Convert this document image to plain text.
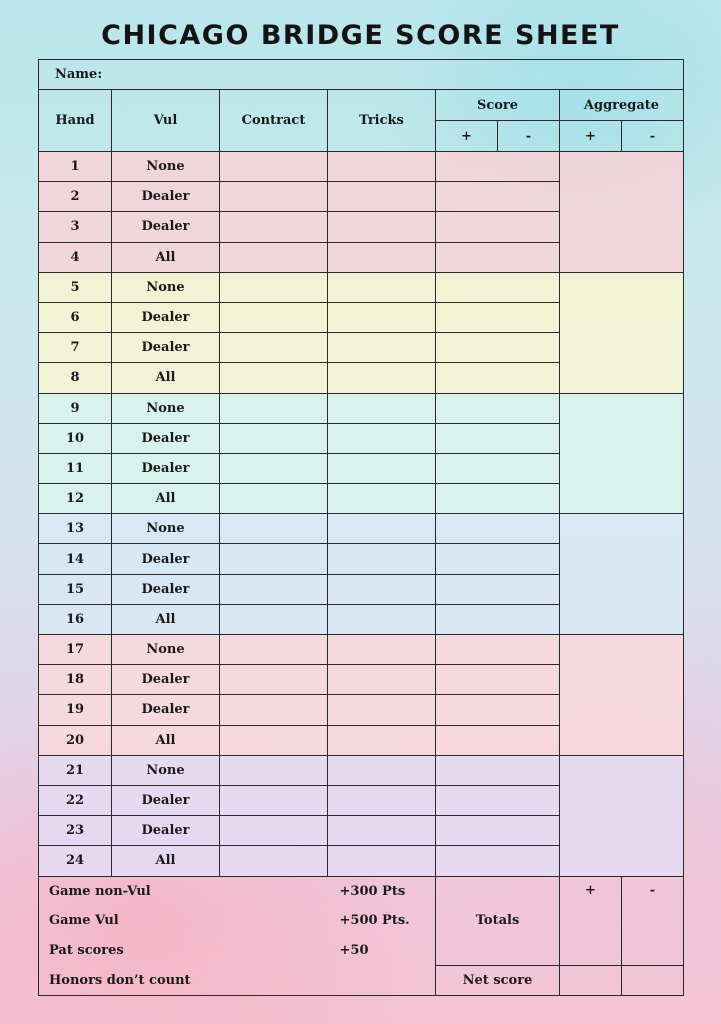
CHICAGO BRIDGE SCORE SHEET
Name:							
Hand	Vul	Contract	Tricks	Score		Aggregate	
				+	-	+	-
1	None						
2	Dealer						
3	Dealer						
4	All						
5	None						
6	Dealer						
7	Dealer						
8	All						
9	None						
10	Dealer						
11	Dealer						
12	All						
13	None						
14	Dealer						
15	Dealer						
16	All						
17	None						
18	Dealer						
19	Dealer						
20	All						
21	None						
22	Dealer						
23	Dealer						
24	All						
Game non-Vul			+300 Pts	Totals		+	-
Game Vul			+500 Pts.				
Pat scores			+50				
Honors don’t count				Net score			
